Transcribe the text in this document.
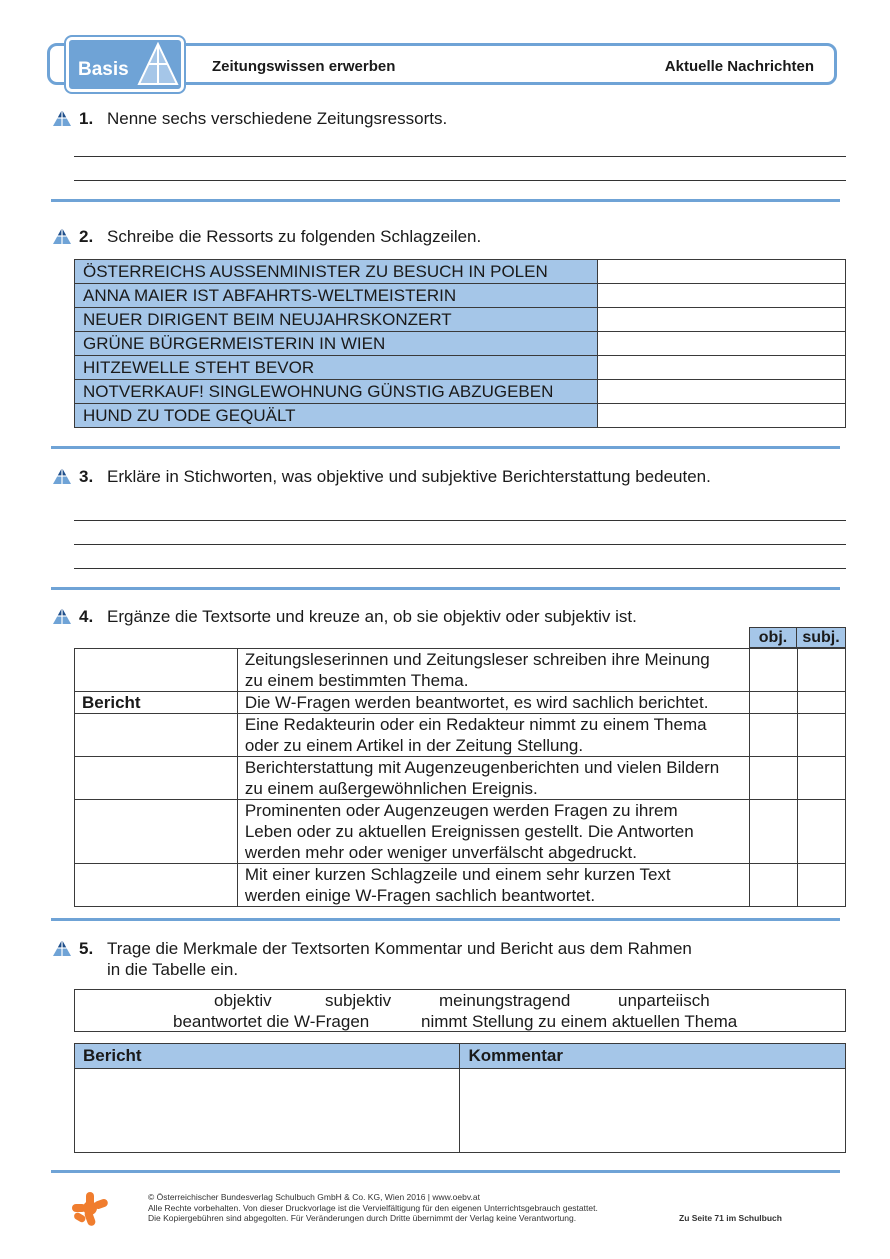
Basis	Zeitungswissen erwerben	Aktuelle Nachrichten
1. Nenne sechs verschiedene Zeitungsressorts.
2. Schreibe die Ressorts zu folgenden Schlagzeilen.
ÖSTERREICHS AUSSENMINISTER ZU BESUCH IN POLEN	
ANNA MAIER IST ABFAHRTS-WELTMEISTERIN	
NEUER DIRIGENT BEIM NEUJAHRSKONZERT	
GRÜNE BÜRGERMEISTERIN IN WIEN	
HITZEWELLE STEHT BEVOR	
NOTVERKAUF! SINGLEWOHNUNG GÜNSTIG ABZUGEBEN	
HUND ZU TODE GEQUÄLT	
3. Erkläre in Stichworten, was objektive und subjektive Berichterstattung bedeuten.
4. Ergänze die Textsorte und kreuze an, ob sie objektiv oder subjektiv ist.
obj. subj.

	Zeitungsleserinnen und Zeitungsleser schreiben ihre Meinung
zu einem bestimmten Thema.		

Bericht	Die W-Fragen werden beantwortet, es wird sachlich berichtet.		

	Eine Redakteurin oder ein Redakteur nimmt zu einem Thema
oder zu einem Artikel in der Zeitung Stellung.		

	Berichterstattung mit Augenzeugenberichten und vielen Bildern
zu einem außergewöhnlichen Ereignis.		

	Prominenten oder Augenzeugen werden Fragen zu ihrem
Leben oder zu aktuellen Ereignissen gestellt. Die Antworten
werden mehr oder weniger unverfälscht abgedruckt.		

	Mit einer kurzen Schlagzeile und einem sehr kurzen Text
werden einige W-Fragen sachlich beantwortet.		

5. Trage die Merkmale der Textsorten Kommentar und Bericht aus dem Rahmen
in die Tabelle ein.
objektiv	subjektiv	meinungstragend	unparteiisch
beantwortet die W-Fragen	nimmt Stellung zu einem aktuellen Thema
Bericht	Kommentar

© Österreichischer Bundesverlag Schulbuch GmbH & Co. KG, Wien 2016 | www.oebv.at
Alle Rechte vorbehalten. Von dieser Druckvorlage ist die Vervielfältigung für den eigenen Unterrichtsgebrauch gestattet.
Die Kopiergebühren sind abgegolten. Für Veränderungen durch Dritte übernimmt der Verlag keine Verantwortung.	Zu Seite 71 im Schulbuch
